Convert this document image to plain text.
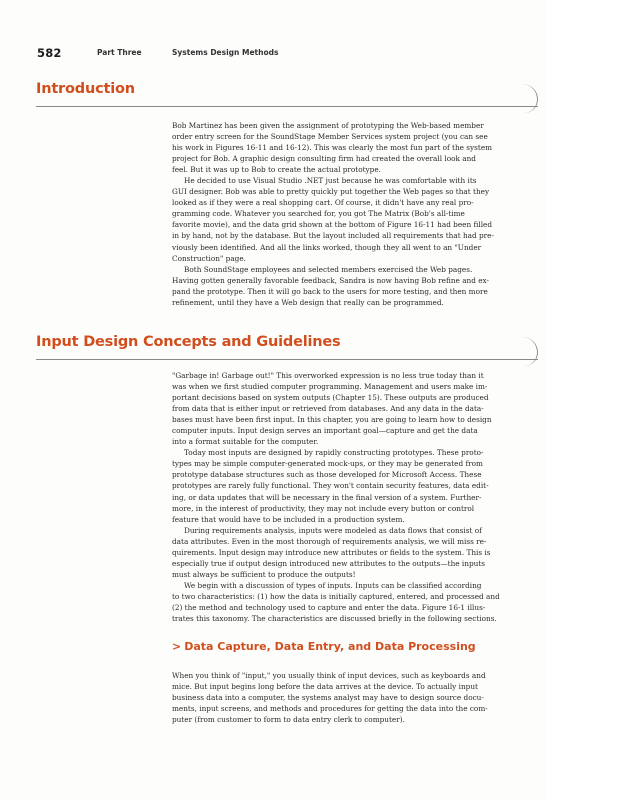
582	Part Three	Systems Design Methods
Introduction
Bob Martinez has been given the assignment of prototyping the Web-based member
order entry screen for the SoundStage Member Services system project (you can see
his work in Figures 16-11 and 16-12). This was clearly the most fun part of the system
project for Bob. A graphic design consulting firm had created the overall look and
feel. But it was up to Bob to create the actual prototype.
He decided to use Visual Studio .NET just because he was comfortable with its
GUI designer. Bob was able to pretty quickly put together the Web pages so that they
looked as if they were a real shopping cart. Of course, it didn't have any real pro-
gramming code. Whatever you searched for, you got The Matrix (Bob's all-time
favorite movie), and the data grid shown at the bottom of Figure 16-11 had been filled
in by hand, not by the database. But the layout included all requirements that had pre-
viously been identified. And all the links worked, though they all went to an "Under
Construction" page.
Both SoundStage employees and selected members exercised the Web pages.
Having gotten generally favorable feedback, Sandra is now having Bob refine and ex-
pand the prototype. Then it will go back to the users for more testing, and then more
refinement, until they have a Web design that really can be programmed.
Input Design Concepts and Guidelines
"Garbage in! Garbage out!" This overworked expression is no less true today than it
was when we first studied computer programming. Management and users make im-
portant decisions based on system outputs (Chapter 15). These outputs are produced
from data that is either input or retrieved from databases. And any data in the data-
bases must have been first input. In this chapter, you are going to learn how to design
computer inputs. Input design serves an important goal—capture and get the data
into a format suitable for the computer.
Today most inputs are designed by rapidly constructing prototypes. These proto-
types may be simple computer-generated mock-ups, or they may be generated from
prototype database structures such as those developed for Microsoft Access. These
prototypes are rarely fully functional. They won't contain security features, data edit-
ing, or data updates that will be necessary in the final version of a system. Further-
more, in the interest of productivity, they may not include every button or control
feature that would have to be included in a production system.
During requirements analysis, inputs were modeled as data flows that consist of
data attributes. Even in the most thorough of requirements analysis, we will miss re-
quirements. Input design may introduce new attributes or fields to the system. This is
especially true if output design introduced new attributes to the outputs—the inputs
must always be sufficient to produce the outputs!
We begin with a discussion of types of inputs. Inputs can be classified according
to two characteristics: (1) how the data is initially captured, entered, and processed and
(2) the method and technology used to capture and enter the data. Figure 16-1 illus-
trates this taxonomy. The characteristics are discussed briefly in the following sections.
> Data Capture, Data Entry, and Data Processing
When you think of "input," you usually think of input devices, such as keyboards and
mice. But input begins long before the data arrives at the device. To actually input
business data into a computer, the systems analyst may have to design source docu-
ments, input screens, and methods and procedures for getting the data into the com-
puter (from customer to form to data entry clerk to computer).
